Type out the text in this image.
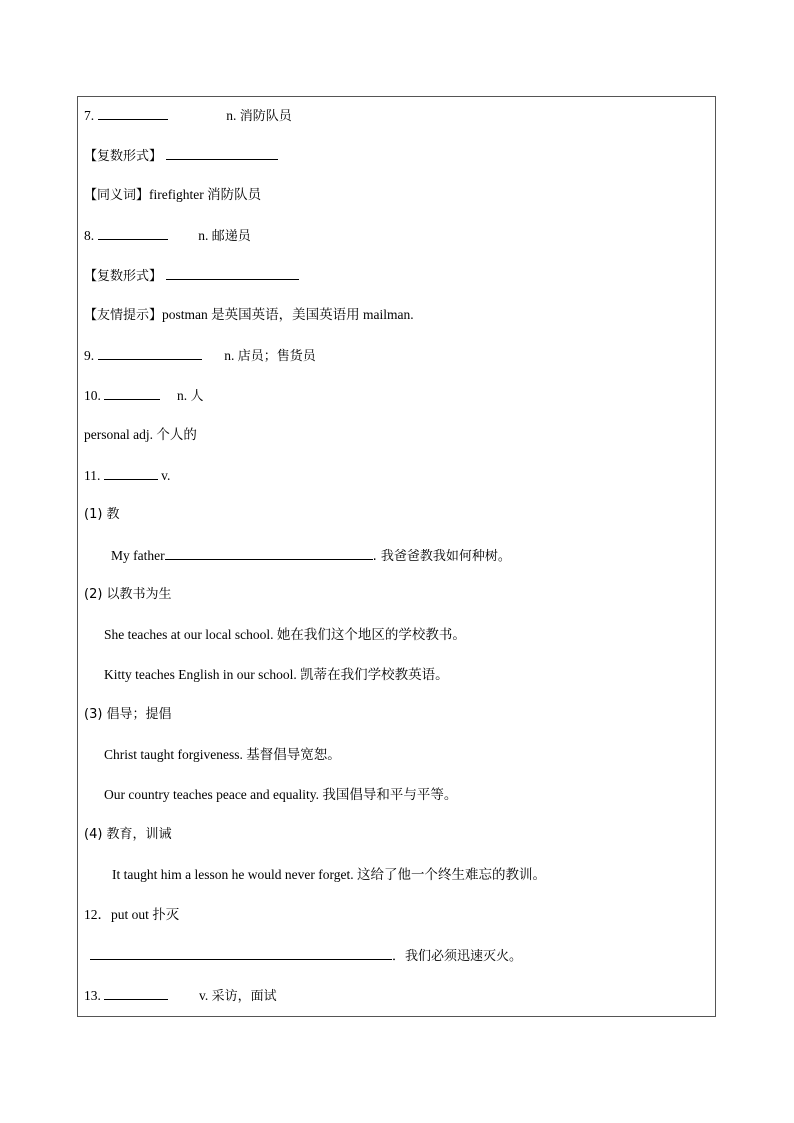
7.	n. 消防队员
【复数形式】
【同义词】firefighter 消防队员
8.	n. 邮递员
【复数形式】
【友情提示】postman 是英国英语，美国英语用 mailman.
9.	n. 店员；售货员
10.	n. 人
personal adj. 个人的
11.	v.
(1) 教
My father	. 我爸爸教我如何种树。
(2) 以教书为生
She teaches at our local school. 她在我们这个地区的学校教书。
Kitty teaches English in our school. 凯蒂在我们学校教英语。
(3) 倡导；提倡
Christ taught forgiveness. 基督倡导宽恕。
Our country teaches peace and equality. 我国倡导和平与平等。
(4) 教育，训诫
It taught him a lesson he would never forget. 这给了他一个终生难忘的教训。
12．put out 扑灭
．我们必须迅速灭火。
13.	v. 采访，面试
